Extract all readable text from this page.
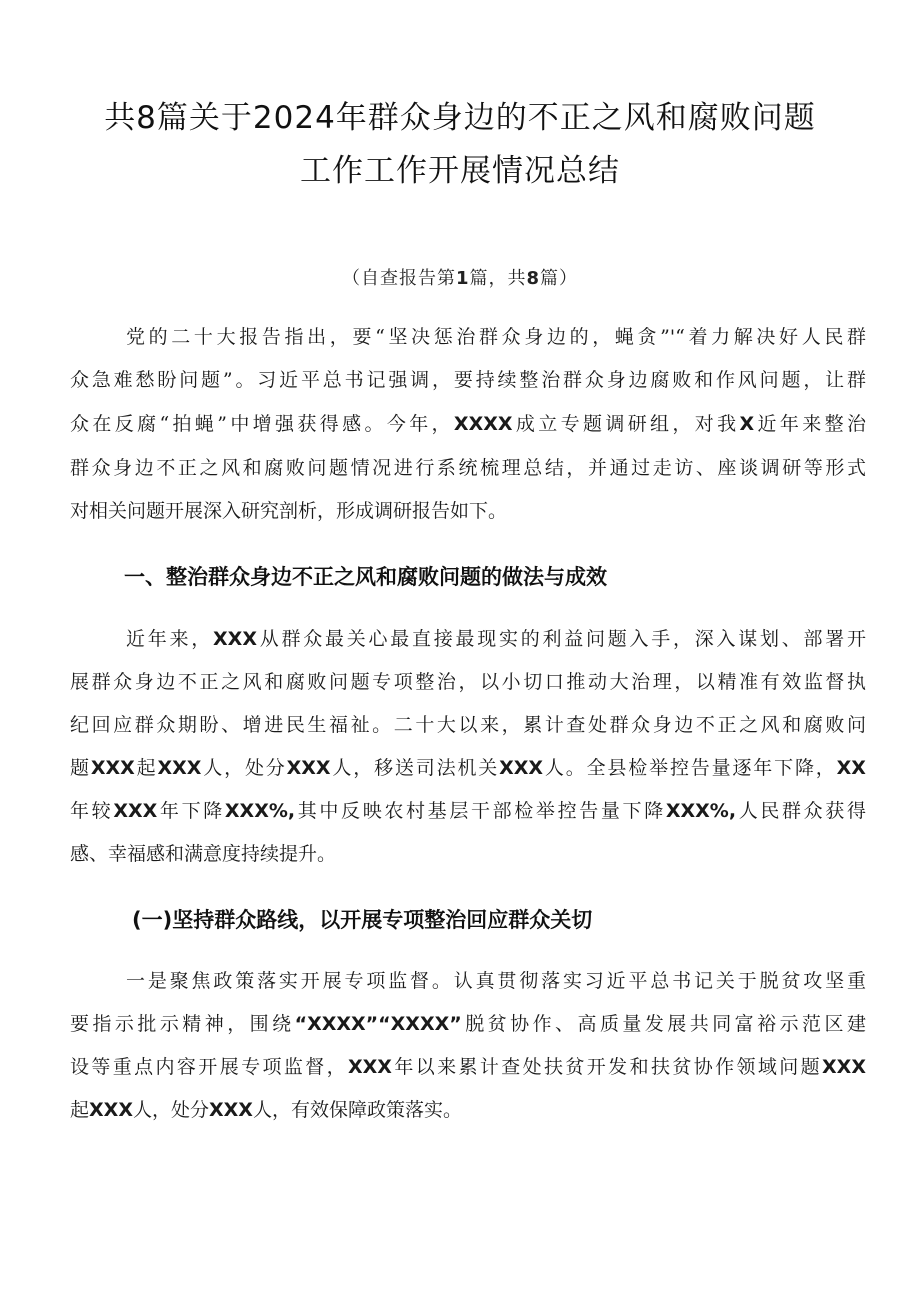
共8篇关于2024年群众身边的不正之风和腐败问题
工作工作开展情况总结
（自查报告第1篇，共8篇）
党的二十大报告指出，要“坚决惩治群众身边的，蝇贪”'“着力解决好人民群
众急难愁盼问题”。习近平总书记强调，要持续整治群众身边腐败和作风问题，让群
众在反腐“拍蝇”中增强获得感。今年，XXXX成立专题调研组，对我X近年来整治
群众身边不正之风和腐败问题情况进行系统梳理总结，并通过走访、座谈调研等形式
对相关问题开展深入研究剖析，形成调研报告如下。
一、整治群众身边不正之风和腐败问题的做法与成效
近年来，XXX从群众最关心最直接最现实的利益问题入手，深入谋划、部署开
展群众身边不正之风和腐败问题专项整治，以小切口推动大治理，以精准有效监督执
纪回应群众期盼、增进民生福祉。二十大以来，累计查处群众身边不正之风和腐败问
题XXX起XXX人，处分XXX人，移送司法机关XXX人。全县检举控告量逐年下降，XX
年较XXX年下降XXX%,其中反映农村基层干部检举控告量下降XXX%,人民群众获得
感、幸福感和满意度持续提升。
(一)坚持群众路线，以开展专项整治回应群众关切
一是聚焦政策落实开展专项监督。认真贯彻落实习近平总书记关于脱贫攻坚重
要指示批示精神，围绕“XXXX”“XXXX”脱贫协作、高质量发展共同富裕示范区建
设等重点内容开展专项监督，XXX年以来累计查处扶贫开发和扶贫协作领域问题XXX
起XXX人，处分XXX人，有效保障政策落实。
